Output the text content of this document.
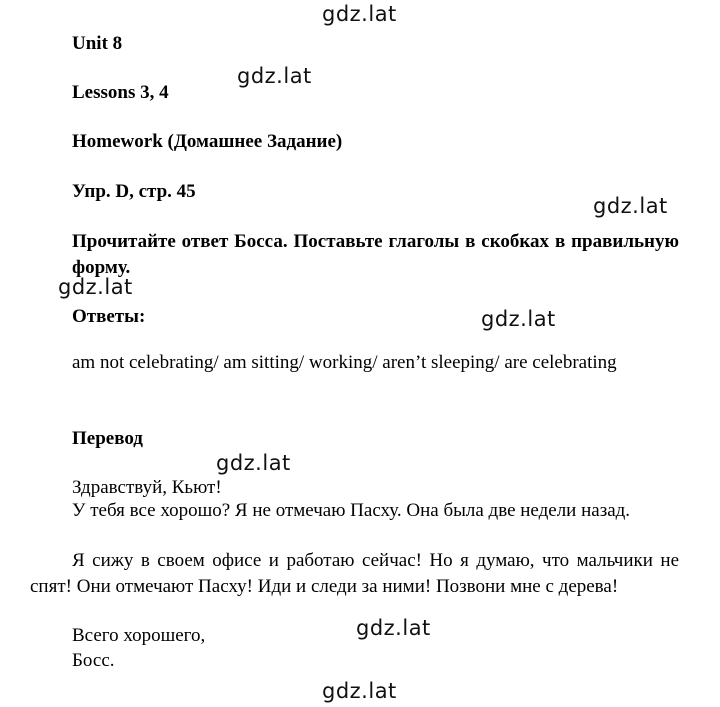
Unit 8
Lessons 3, 4
Homework (Домашнее Задание)
Упр. D, стр. 45
Прочитайте ответ Босса. Поставьте глаголы в скобках в правильную форму.
Ответы:
am not celebrating/ am sitting/ working/ aren’t sleeping/ are celebrating
Перевод
Здравствуй, Кьют!
У тебя все хорошо? Я не отмечаю Пасху. Она была две недели назад.
Я сижу в своем офисе и работаю сейчас! Но я думаю, что мальчики не спят! Они отмечают Пасху! Иди и следи за ними! Позвони мне с дерева!
Всего хорошего,
Босс.
gdz.lat
gdz.lat
gdz.lat
gdz.lat
gdz.lat
gdz.lat
gdz.lat
gdz.lat
